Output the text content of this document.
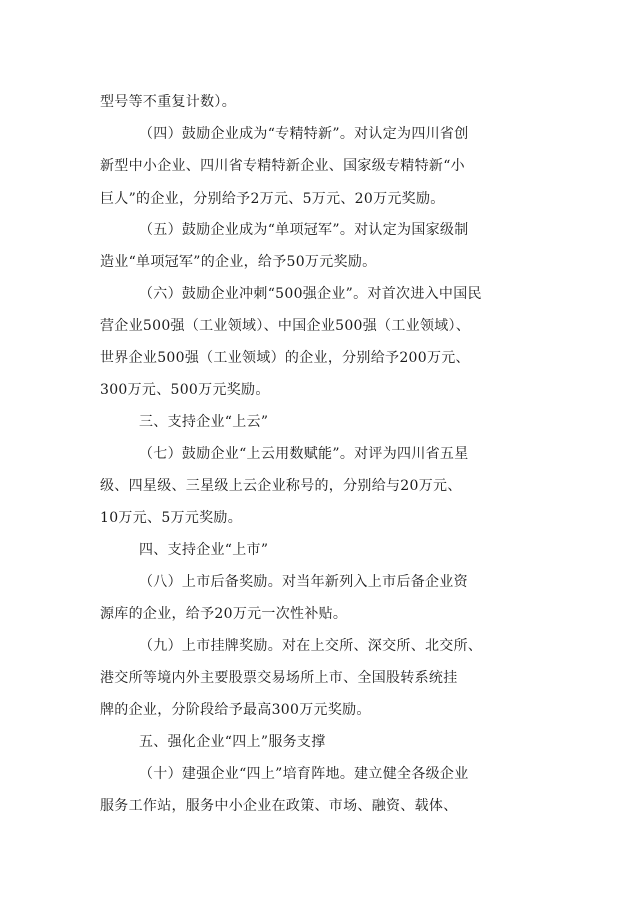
型号等不重复计数）。
（四）鼓励企业成为“专精特新”。对认定为四川省创
新型中小企业、四川省专精特新企业、国家级专精特新“小
巨人”的企业，分别给予2万元、5万元、20万元奖励。
（五）鼓励企业成为“单项冠军”。对认定为国家级制
造业“单项冠军”的企业，给予50万元奖励。
（六）鼓励企业冲刺“500强企业”。对首次进入中国民
营企业500强（工业领域）、中国企业500强（工业领域）、
世界企业500强（工业领域）的企业，分别给予200万元、
300万元、500万元奖励。
三、支持企业“上云”
（七）鼓励企业“上云用数赋能”。对评为四川省五星
级、四星级、三星级上云企业称号的，分别给与20万元、
10万元、5万元奖励。
四、支持企业“上市”
（八）上市后备奖励。对当年新列入上市后备企业资
源库的企业，给予20万元一次性补贴。
（九）上市挂牌奖励。对在上交所、深交所、北交所、
港交所等境内外主要股票交易场所上市、全国股转系统挂
牌的企业，分阶段给予最高300万元奖励。
五、强化企业“四上”服务支撑
（十）建强企业“四上”培育阵地。建立健全各级企业
服务工作站，服务中小企业在政策、市场、融资、载体、
